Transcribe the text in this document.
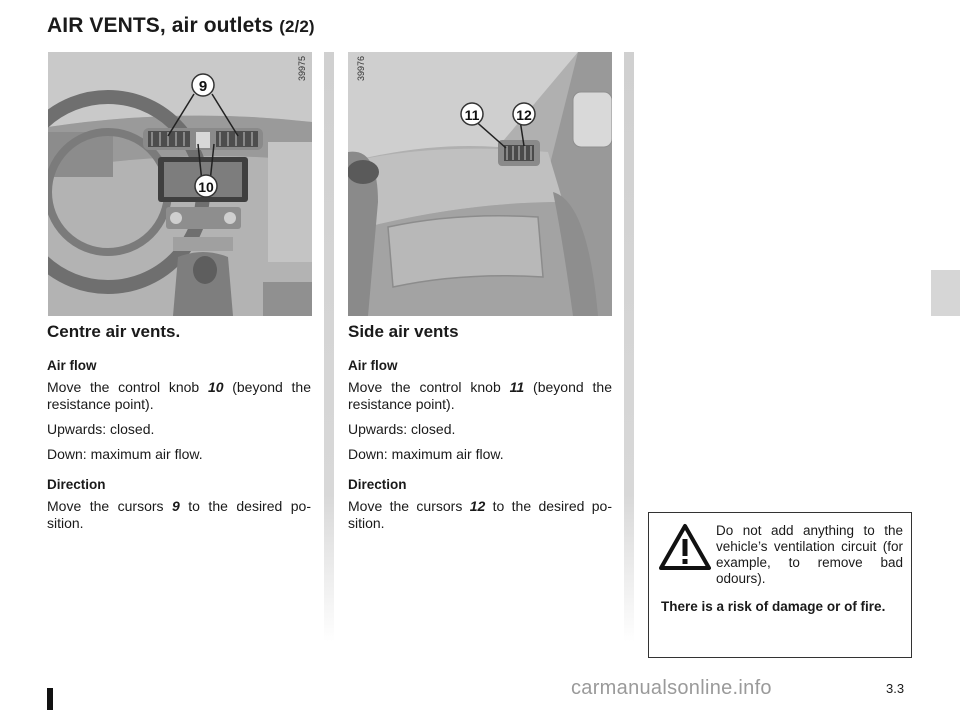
AIR VENTS, air outlets (2/2)
9
10
39975
11	12
39976
Centre air vents.
Air flow

Move the control knob 10 (beyond the resistance point).

Upwards: closed.

Down: maximum air flow.

Direction

Move the cursors 9 to the desired po-sition.

Side air vents
Air flow

Move the control knob 11 (beyond the resistance point).

Upwards: closed.

Down: maximum air flow.

Direction

Move the cursors 12 to the desired po-sition.	Do not add anything to the vehicle’s ventilation circuit (for example, to remove bad odours).
There is a risk of damage or of fire.
carmanualsonline.info	3.3
